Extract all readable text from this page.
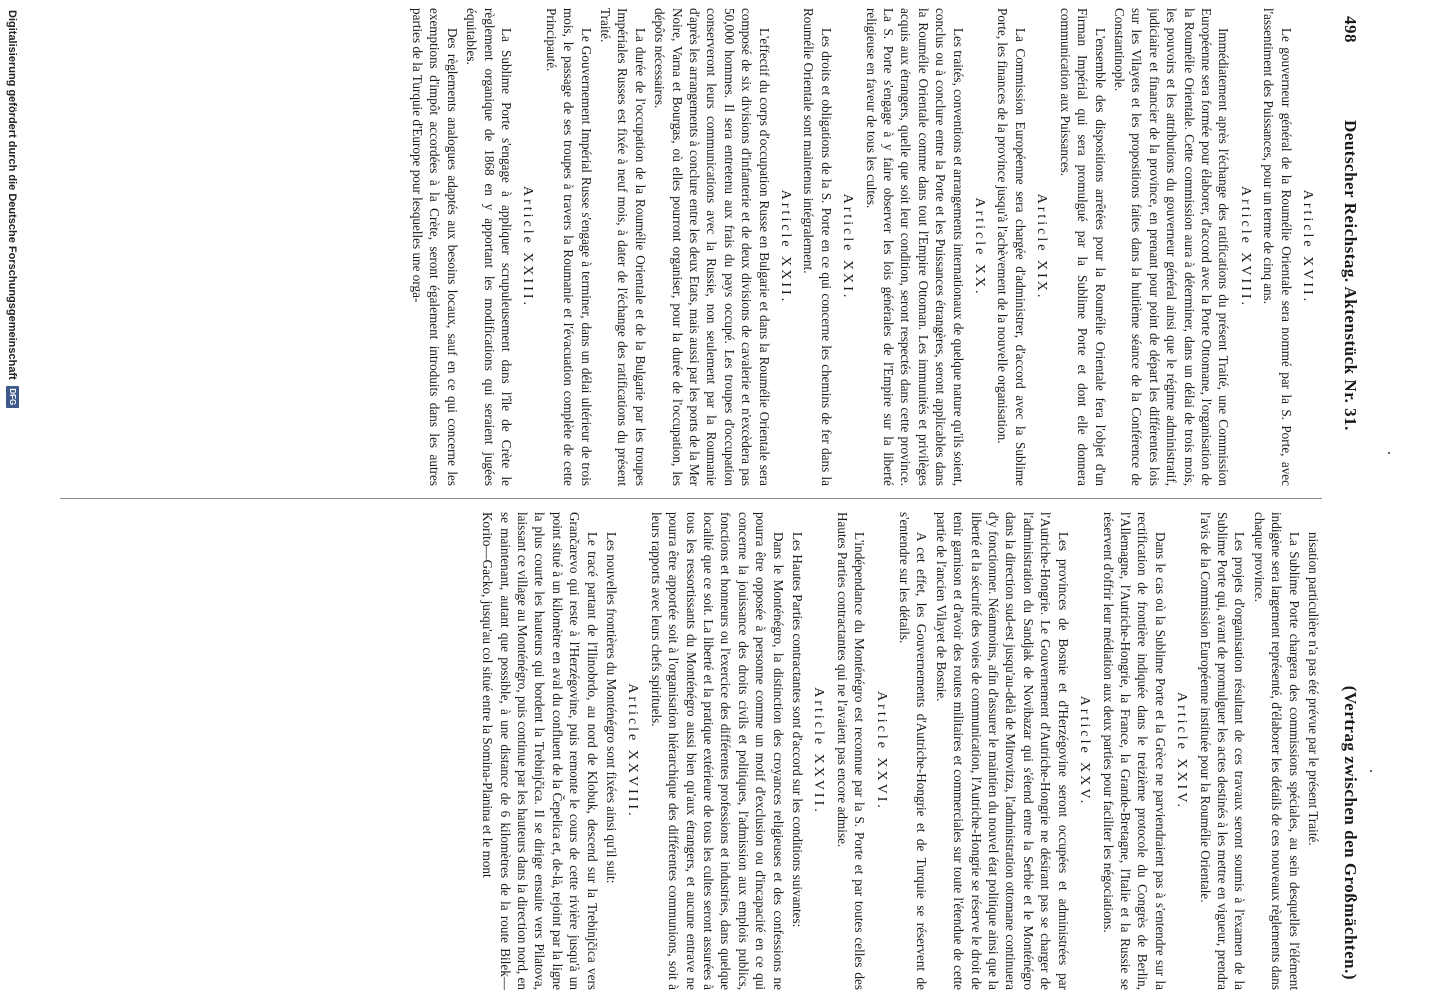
498
Deutscher Reichstag. Aktenstück Nr. 31.
(Vertrag zwischen den Großmächten.)
Article XVII.

Le gouverneur général de la Roumélie Orientale sera nommé par la S. Porte, avec l'assentiment des Puissances, pour un terme de cinq ans.

Article XVIII.

Immédiatement après l'échange des ratifications du présent Traité, une Commission Européenne sera formée pour élaborer, d'accord avec la Porte Ottomane, l'organisation de la Roumélie Orientale. Cette commission aura à déterminer, dans un délai de trois mois, les pouvoirs et les attributions du gouverneur général ainsi que le régime administratif, judiciaire et financier de la province, en prenant pour point de départ les différentes lois sur les Vilayets et les propositions faites dans la huitième séance de la Conférence de Constantinople.

L'ensemble des dispositions arrêtées pour la Roumélie Orientale fera l'objet d'un Firman Impérial qui sera promulgué par la Sublime Porte et dont elle donnera communication aux Puissances.

Article XIX.

La Commission Européenne sera chargée d'administrer, d'accord avec la Sublime Porte, les finances de la province jusqu'à l'achèvement de la nouvelle organisation.

Article XX.

Les traités, conventions et arrangements internationaux de quelque nature qu'ils soient, conclus ou à conclure entre la Porte et les Puissances étrangères, seront applicables dans la Roumélie Orientale comme dans tout l'Empire Ottoman. Les immunités et privilèges acquis aux étrangers, quelle que soit leur condition, seront respectés dans cette province. La S. Porte s'engage à y faire observer les lois générales de l'Empire sur la liberté religieuse en faveur de tous les cultes.

Article XXI.

Les droits et obligations de la S. Porte en ce qui concerne les chemins de fer dans la Roumélie Orientale sont maintenus intégralement.

Article XXII.

L'effectif du corps d'occupation Russe en Bulgarie et dans la Roumélie Orientale sera composé de six divisions d'infanterie et de deux divisions de cavalerie et n'excèdera pas 50,000 hommes. Il sera entretenu aux frais du pays occupé. Les troupes d'occupation conserveront leurs communications avec la Russie, non seulement par la Roumanie d'après les arrangements à conclure entre les deux Etats, mais aussi par les ports de la Mer Noire, Varna et Bourgas, où elles pourront organiser, pour la durée de l'occupation, les dépôts nécessaires.

La durée de l'occupation de la Roumélie Orientale et de la Bulgarie par les troupes Impériales Russes est fixée à neuf mois, à dater de l'échange des ratifications du présent Traité.

Le Gouvernement Impérial Russe s'engage à terminer, dans un délai ultérieur de trois mois, le passage de ses troupes à travers la Roumanie et l'évacuation complète de cette Principauté.

Article XXIII.

La Sublime Porte s'engage à appliquer scrupuleusement dans l'île de Crète le règlement organique de 1868 en y apportant les modifications qui seraient jugées équitables.

Des règlements analogues adaptés aux besoins locaux, sauf en ce qui concerne les exemptions d'impôt accordées à la Crète, seront également introduits dans les autres parties de la Turquie d'Europe pour lesquelles une orga-

nisation particulière n'a pas été prévue par le présent Traité.

La Sublime Porte chargera des commissions spéciales, au sein desquelles l'élément indigène sera largement représenté, d'élaborer les détails de ces nouveaux règlements dans chaque province.

Les projets d'organisation résultant de ces travaux seront soumis à l'examen de la Sublime Porte qui, avant de promulguer les actes destinés à les mettre en vigueur, prendra l'avis de la Commission Européenne instituée pour la Roumélie Orientale.

Article XXIV.

Dans le cas où la Sublime Porte et la Grèce ne parviendraient pas à s'entendre sur la rectification de frontière indiquée dans le treizième protocole du Congrès de Berlin, l'Allemagne, l'Autriche-Hongrie, la France, la Grande-Bretagne, l'Italie et la Russie se réservent d'offrir leur médiation aux deux parties pour faciliter les négociations.

Article XXV.

Les provinces de Bosnie et d'Herzégovine seront occupées et administrées par l'Autriche-Hongrie. Le Gouvernement d'Autriche-Hongrie ne désirant pas se charger de l'administration du Sandjak de Novibazar qui s'étend entre la Serbie et le Monténégro dans la direction sud-est jusqu'au-delà de Mitrovitza, l'administration ottomane continuera d'y fonctionner. Néanmoins, afin d'assurer le maintien du nouvel état politique ainsi que la liberté et la sécurité des voies de communication, l'Autriche-Hongrie se réserve le droit de tenir garnison et d'avoir des routes militaires et commerciales sur toute l'étendue de cette partie de l'ancien Vilayet de Bosnie.

A cet effet, les Gouvernements d'Autriche-Hongrie et de Turquie se réservent de s'entendre sur les détails.

Article XXVI.

L'indépendance du Monténégro est reconnue par la S. Porte et par toutes celles des Hautes Parties contractantes qui ne l'avaient pas encore admise.

Article XXVII.

Les Hautes Parties contractantes sont d'accord sur les conditions suivantes:

Dans le Monténégro, la distinction des croyances religieuses et des confessions ne pourra être opposée à personne comme un motif d'exclusion ou d'incapacité en ce qui concerne la jouissance des droits civils et politiques, l'admission aux emplois publics, fonctions et honneurs ou l'exercice des différentes professions et industries, dans quelque localité que ce soit. La liberté et la pratique extérieure de tous les cultes seront assurées à tous les ressortissants du Monténégro aussi bien qu'aux étrangers, et aucune entrave ne pourra être apportée soit à l'organisation hiérarchique des différentes communions, soit à leurs rapports avec leurs chefs spirituels.

Article XXVIII.

Les nouvelles frontières du Monténégro sont fixées ainsi qu'il suit:

Le tracé partant de l'Ilinobrdo, au nord de Klobuk, descend sur la Trebinjčica vers Grančarevo qui reste à l'Herzégovine, puis remonte le cours de cette rivière jusqu'à un point situé à un kilomètre en aval du confluent de la Čepelica et, de-là, rejoint par la ligne la plus courte les hauteurs qui bordent la Trebinjčica. Il se dirige ensuite vers Pilatova, laissant ce village au Monténégro, puis continue par les hauteurs dans la direction nord, en se maintenant, autant que possible, à une distance de 6 kilomètres de la route Bilek—Korito—Gacko, jusqu'au col situé entre la Somina-Planina et le mont

Digitalisierung gefördert durch die Deutsche Forschungsgemeinschaft
DFG
